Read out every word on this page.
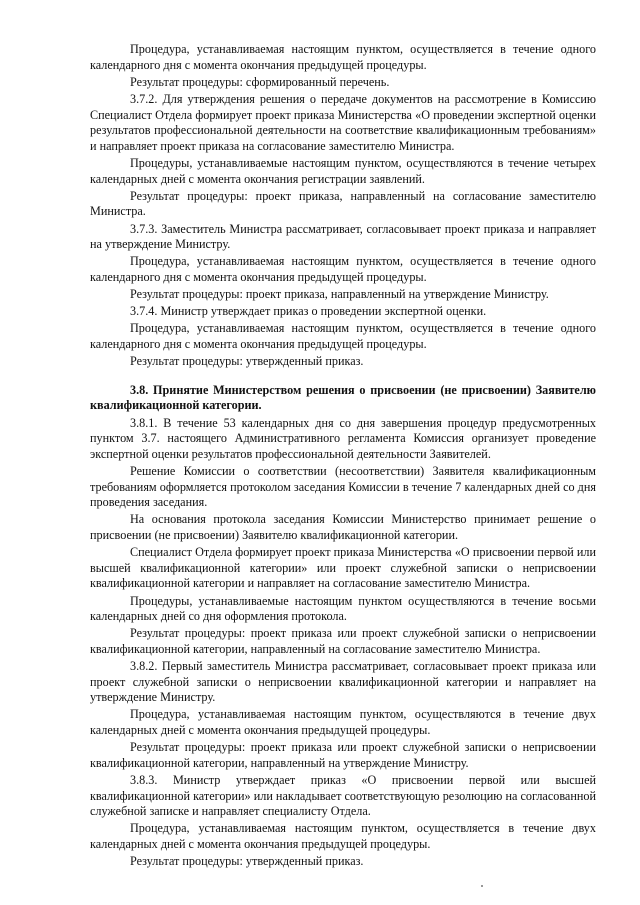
Процедура, устанавливаемая настоящим пунктом, осуществляется в течение одного календарного дня с момента окончания предыдущей процедуры.

Результат процедуры: сформированный перечень.

3.7.2. Для утверждения решения о передаче документов на рассмотрение в Комиссию Специалист Отдела формирует проект приказа Министерства «О проведении экспертной оценки результатов профессиональной деятельности на соответствие квалификационным требованиям» и направляет проект приказа на согласование заместителю Министра.

Процедуры, устанавливаемые настоящим пунктом, осуществляются в течение четырех календарных дней с момента окончания регистрации заявлений.

Результат процедуры: проект приказа, направленный на согласование заместителю Министра.

3.7.3. Заместитель Министра рассматривает, согласовывает проект приказа и направляет на утверждение Министру.

Процедура, устанавливаемая настоящим пунктом, осуществляется в течение одного календарного дня с момента окончания предыдущей процедуры.

Результат процедуры: проект приказа, направленный на утверждение Министру.

3.7.4. Министр утверждает приказ о проведении экспертной оценки.

Процедура, устанавливаемая настоящим пунктом, осуществляется в течение одного календарного дня с момента окончания предыдущей процедуры.

Результат процедуры: утвержденный приказ.

3.8. Принятие Министерством решения о присвоении (не присвоении) Заявителю квалификационной категории.

3.8.1. В течение 53 календарных дня со дня завершения процедур предусмотренных пунктом 3.7. настоящего Административного регламента Комиссия организует проведение экспертной оценки результатов профессиональной деятельности Заявителей.

Решение Комиссии о соответствии (несоответствии) Заявителя квалификационным требованиям оформляется протоколом заседания Комиссии в течение 7 календарных дней со дня проведения заседания.

На основания протокола заседания Комиссии Министерство принимает решение о присвоении (не присвоении) Заявителю квалификационной категории.

Специалист Отдела формирует проект приказа Министерства «О присвоении первой или высшей квалификационной категории» или проект служебной записки о неприсвоении квалификационной категории и направляет на согласование заместителю Министра.

Процедуры, устанавливаемые настоящим пунктом осуществляются в течение восьми календарных дней со дня оформления протокола.

Результат процедуры: проект приказа или проект служебной записки о неприсвоении квалификационной категории, направленный на согласование заместителю Министра.

3.8.2. Первый заместитель Министра рассматривает, согласовывает проект приказа или проект служебной записки о неприсвоении квалификационной категории и направляет на утверждение Министру.

Процедура, устанавливаемая настоящим пунктом, осуществляются в течение двух календарных дней с момента окончания предыдущей процедуры.

Результат процедуры: проект приказа или проект служебной записки о неприсвоении квалификационной категории, направленный на утверждение Министру.

3.8.3. Министр утверждает приказ «О присвоении первой или высшей квалификационной категории» или накладывает соответствующую резолюцию на согласованной служебной записке и направляет специалисту Отдела.

Процедура, устанавливаемая настоящим пунктом, осуществляется в течение двух календарных дней с момента окончания предыдущей процедуры.

Результат процедуры: утвержденный приказ.
